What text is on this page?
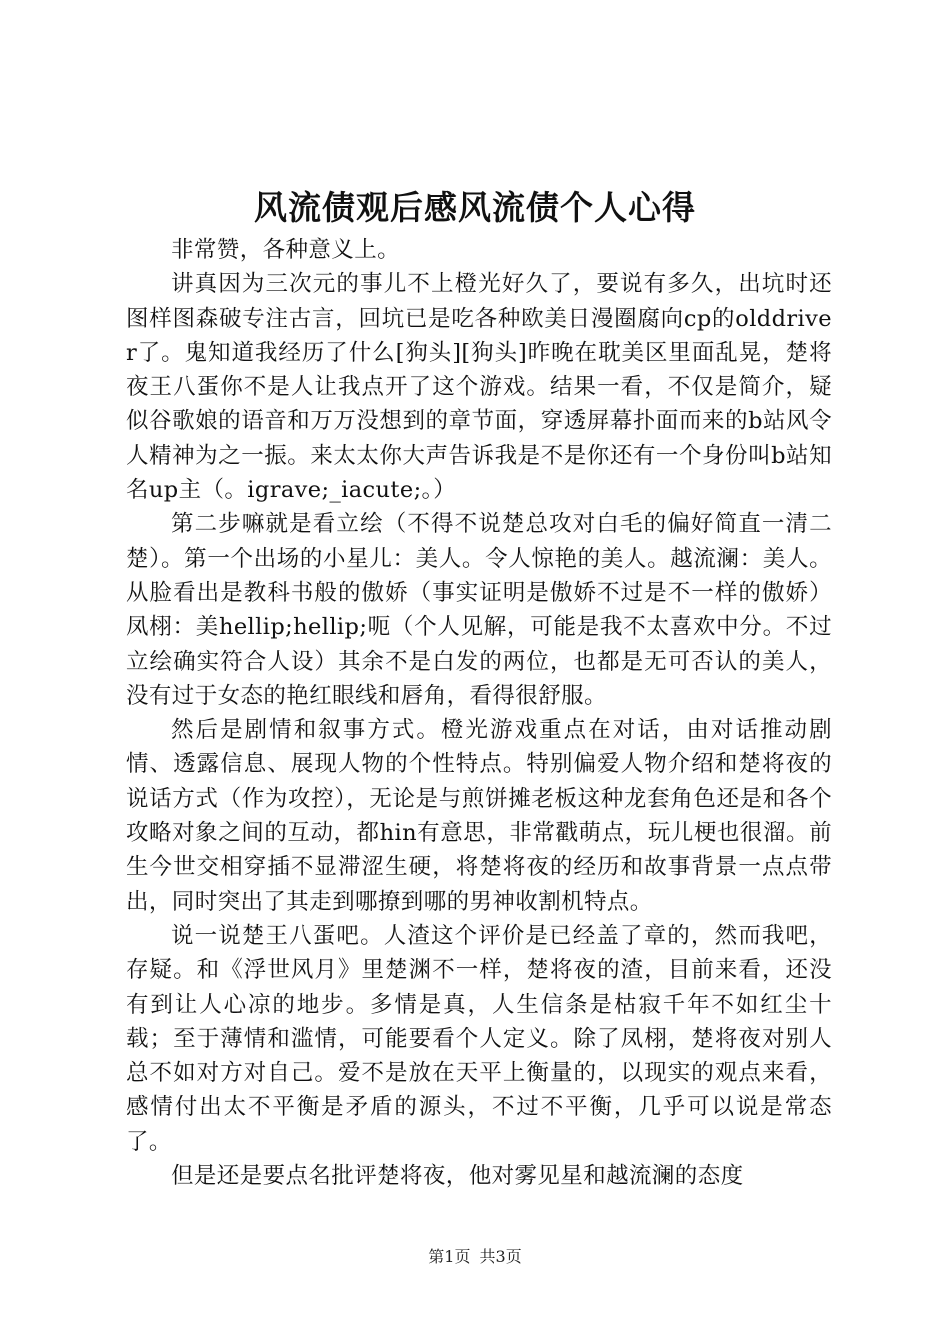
风流债观后感风流债个人心得

非常赞，各种意义上。

讲真因为三次元的事儿不上橙光好久了，要说有多久，出坑时还图样图森破专注古言，回坑已是吃各种欧美日漫圈腐向cp的olddriver了。鬼知道我经历了什么[狗头][狗头]昨晚在耽美区里面乱晃，楚将夜王八蛋你不是人让我点开了这个游戏。结果一看，不仅是简介，疑似谷歌娘的语音和万万没想到的章节面，穿透屏幕扑面而来的b站风令人精神为之一振。来太太你大声告诉我是不是你还有一个身份叫b站知名up主（。igrave;_iacute;。）

第二步嘛就是看立绘（不得不说楚总攻对白毛的偏好简直一清二楚）。第一个出场的小星儿：美人。令人惊艳的美人。越流澜：美人。从脸看出是教科书般的傲娇（事实证明是傲娇不过是不一样的傲娇）凤栩：美hellip;hellip;呃（个人见解，可能是我不太喜欢中分。不过立绘确实符合人设）其余不是白发的两位，也都是无可否认的美人，没有过于女态的艳红眼线和唇角，看得很舒服。

然后是剧情和叙事方式。橙光游戏重点在对话，由对话推动剧情、透露信息、展现人物的个性特点。特别偏爱人物介绍和楚将夜的说话方式（作为攻控），无论是与煎饼摊老板这种龙套角色还是和各个攻略对象之间的互动，都hin有意思，非常戳萌点，玩儿梗也很溜。前生今世交相穿插不显滞涩生硬，将楚将夜的经历和故事背景一点点带出，同时突出了其走到哪撩到哪的男神收割机特点。

说一说楚王八蛋吧。人渣这个评价是已经盖了章的，然而我吧，存疑。和《浮世风月》里楚渊不一样，楚将夜的渣，目前来看，还没有到让人心凉的地步。多情是真，人生信条是枯寂千年不如红尘十载；至于薄情和滥情，可能要看个人定义。除了凤栩，楚将夜对别人总不如对方对自己。爱不是放在天平上衡量的，以现实的观点来看，感情付出太不平衡是矛盾的源头，不过不平衡，几乎可以说是常态了。

但是还是要点名批评楚将夜，他对雾见星和越流澜的态度

第1页 共3页
